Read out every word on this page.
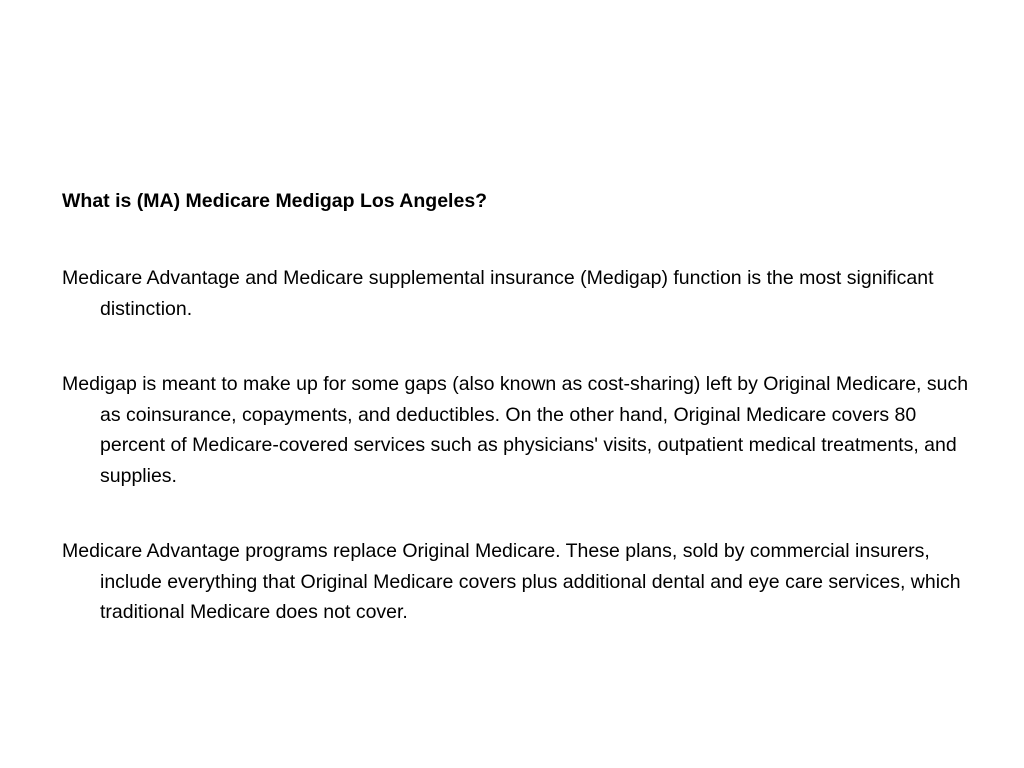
What is (MA) Medicare Medigap Los Angeles?

Medicare Advantage and Medicare supplemental insurance (Medigap) function is the most significant distinction.

Medigap is meant to make up for some gaps (also known as cost-sharing) left by Original Medicare, such as coinsurance, copayments, and deductibles. On the other hand, Original Medicare covers 80 percent of Medicare-covered services such as physicians' visits, outpatient medical treatments, and supplies.

Medicare Advantage programs replace Original Medicare. These plans, sold by commercial insurers, include everything that Original Medicare covers plus additional dental and eye care services, which traditional Medicare does not cover.
